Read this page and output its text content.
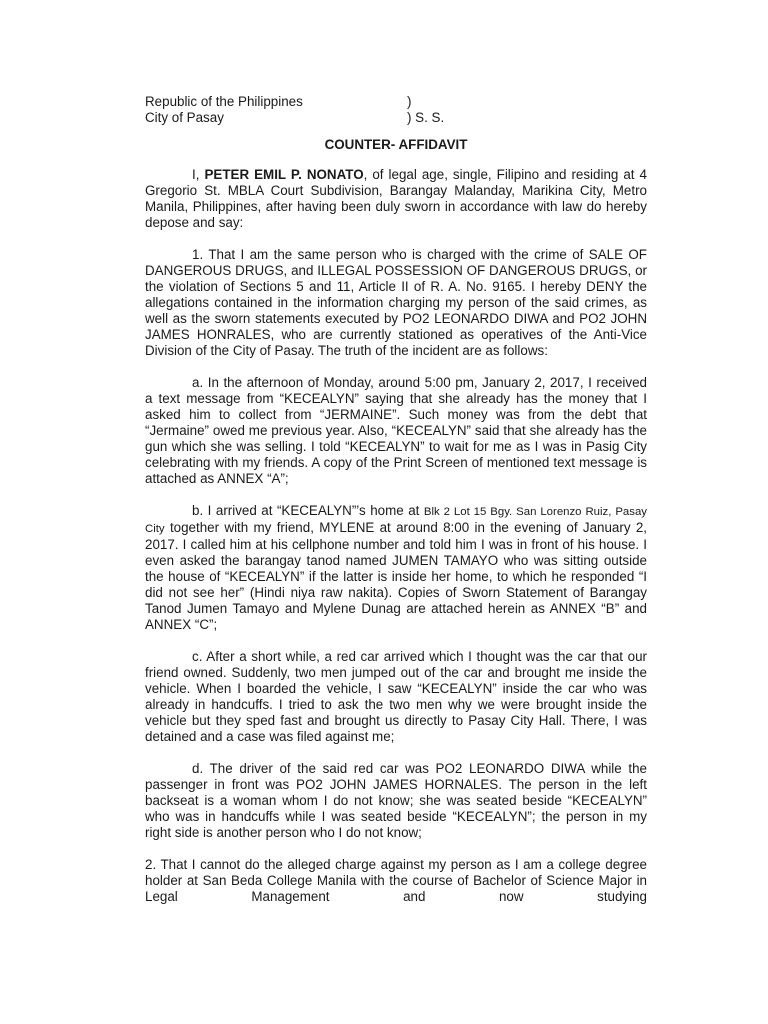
Republic of the Philippines	)
City of Pasay	) S. S.
COUNTER- AFFIDAVIT

I, PETER EMIL P. NONATO, of legal age, single, Filipino and residing at 4 Gregorio St. MBLA Court Subdivision, Barangay Malanday, Marikina City, Metro Manila, Philippines, after having been duly sworn in accordance with law do hereby depose and say:

1. That I am the same person who is charged with the crime of SALE OF DANGEROUS DRUGS, and ILLEGAL POSSESSION OF DANGEROUS DRUGS, or the violation of Sections 5 and 11, Article II of R. A. No. 9165. I hereby DENY the allegations contained in the information charging my person of the said crimes, as well as the sworn statements executed by PO2 LEONARDO DIWA and PO2 JOHN JAMES HONRALES, who are currently stationed as operatives of the Anti-Vice Division of the City of Pasay. The truth of the incident are as follows:

a. In the afternoon of Monday, around 5:00 pm, January 2, 2017, I received a text message from “KECEALYN” saying that she already has the money that I asked him to collect from “JERMAINE”. Such money was from the debt that “Jermaine” owed me previous year. Also, “KECEALYN” said that she already has the gun which she was selling. I told “KECEALYN” to wait for me as I was in Pasig City celebrating with my friends. A copy of the Print Screen of mentioned text message is attached as ANNEX “A”;

b. I arrived at “KECEALYN”’s home at Blk 2 Lot 15 Bgy. San Lorenzo Ruiz, Pasay City together with my friend, MYLENE at around 8:00 in the evening of January 2, 2017. I called him at his cellphone number and told him I was in front of his house. I even asked the barangay tanod named JUMEN TAMAYO who was sitting outside the house of “KECEALYN” if the latter is inside her home, to which he responded “I did not see her” (Hindi niya raw nakita). Copies of Sworn Statement of Barangay Tanod Jumen Tamayo and Mylene Dunag are attached herein as ANNEX “B” and ANNEX “C”;

c. After a short while, a red car arrived which I thought was the car that our friend owned. Suddenly, two men jumped out of the car and brought me inside the vehicle. When I boarded the vehicle, I saw “KECEALYN” inside the car who was already in handcuffs. I tried to ask the two men why we were brought inside the vehicle but they sped fast and brought us directly to Pasay City Hall. There, I was detained and a case was filed against me;

d. The driver of the said red car was PO2 LEONARDO DIWA while the passenger in front was PO2 JOHN JAMES HORNALES. The person in the left backseat is a woman whom I do not know; she was seated beside “KECEALYN” who was in handcuffs while I was seated beside “KECEALYN”; the person in my right side is another person who I do not know;

2. That I cannot do the alleged charge against my person as I am a college degree holder at San Beda College Manila with the course of Bachelor of Science Major in Legal Management and now studying
